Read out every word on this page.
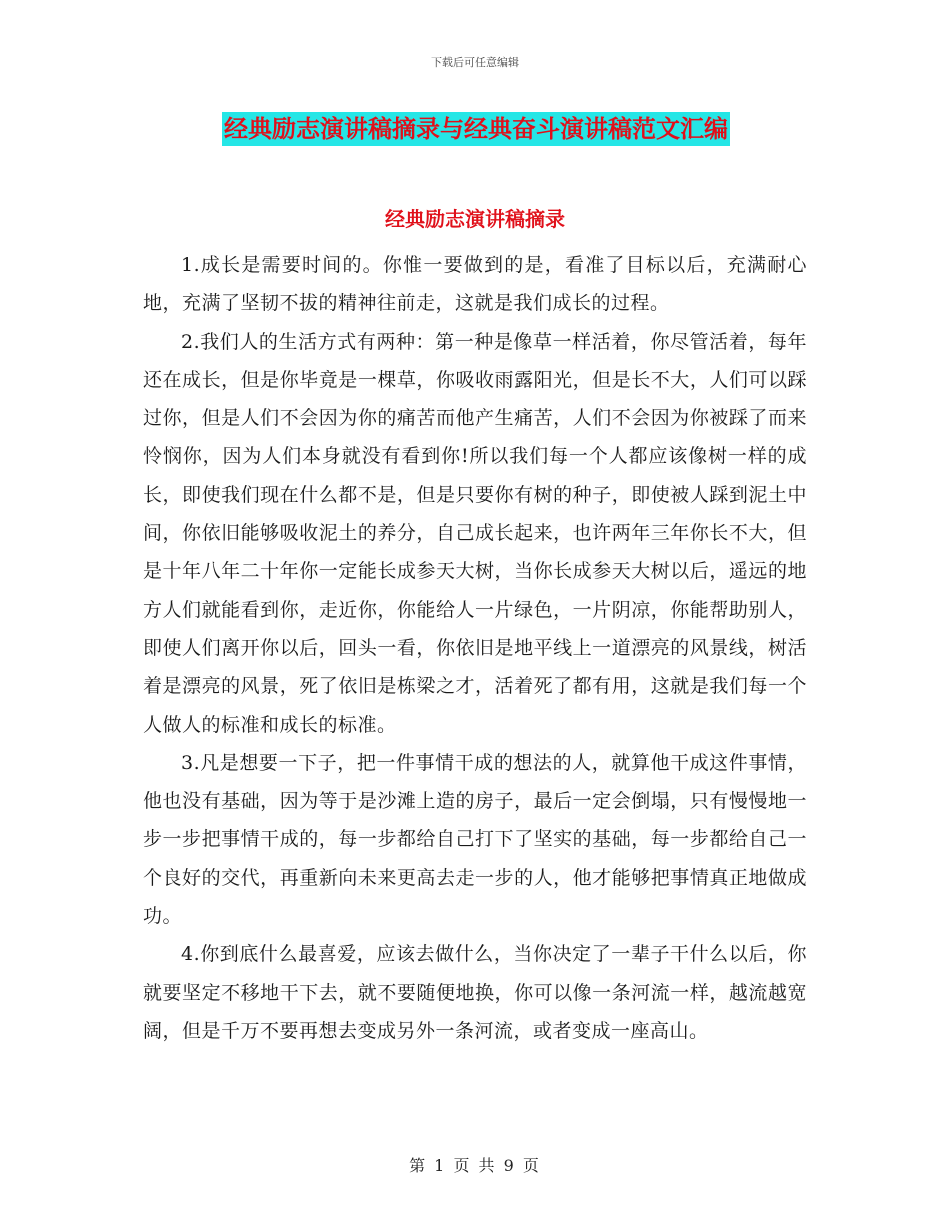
下载后可任意编辑
经典励志演讲稿摘录与经典奋斗演讲稿范文汇编
经典励志演讲稿摘录

1.成长是需要时间的。你惟一要做到的是，看准了目标以后，充满耐心地，充满了坚韧不拔的精神往前走，这就是我们成长的过程。

2.我们人的生活方式有两种：第一种是像草一样活着，你尽管活着，每年还在成长，但是你毕竟是一棵草，你吸收雨露阳光，但是长不大，人们可以踩过你，但是人们不会因为你的痛苦而他产生痛苦，人们不会因为你被踩了而来怜悯你，因为人们本身就没有看到你!所以我们每一个人都应该像树一样的成长，即使我们现在什么都不是，但是只要你有树的种子，即使被人踩到泥土中间，你依旧能够吸收泥土的养分，自己成长起来，也许两年三年你长不大，但是十年八年二十年你一定能长成参天大树，当你长成参天大树以后，遥远的地方人们就能看到你，走近你，你能给人一片绿色，一片阴凉，你能帮助别人，即使人们离开你以后，回头一看，你依旧是地平线上一道漂亮的风景线，树活着是漂亮的风景，死了依旧是栋梁之才，活着死了都有用，这就是我们每一个人做人的标准和成长的标准。

3.凡是想要一下子，把一件事情干成的想法的人，就算他干成这件事情，他也没有基础，因为等于是沙滩上造的房子，最后一定会倒塌，只有慢慢地一步一步把事情干成的，每一步都给自己打下了坚实的基础，每一步都给自己一个良好的交代，再重新向未来更高去走一步的人，他才能够把事情真正地做成功。

4.你到底什么最喜爱，应该去做什么，当你决定了一辈子干什么以后，你就要坚定不移地干下去，就不要随便地换，你可以像一条河流一样，越流越宽阔，但是千万不要再想去变成另外一条河流，或者变成一座高山。

第 1 页 共 9 页
